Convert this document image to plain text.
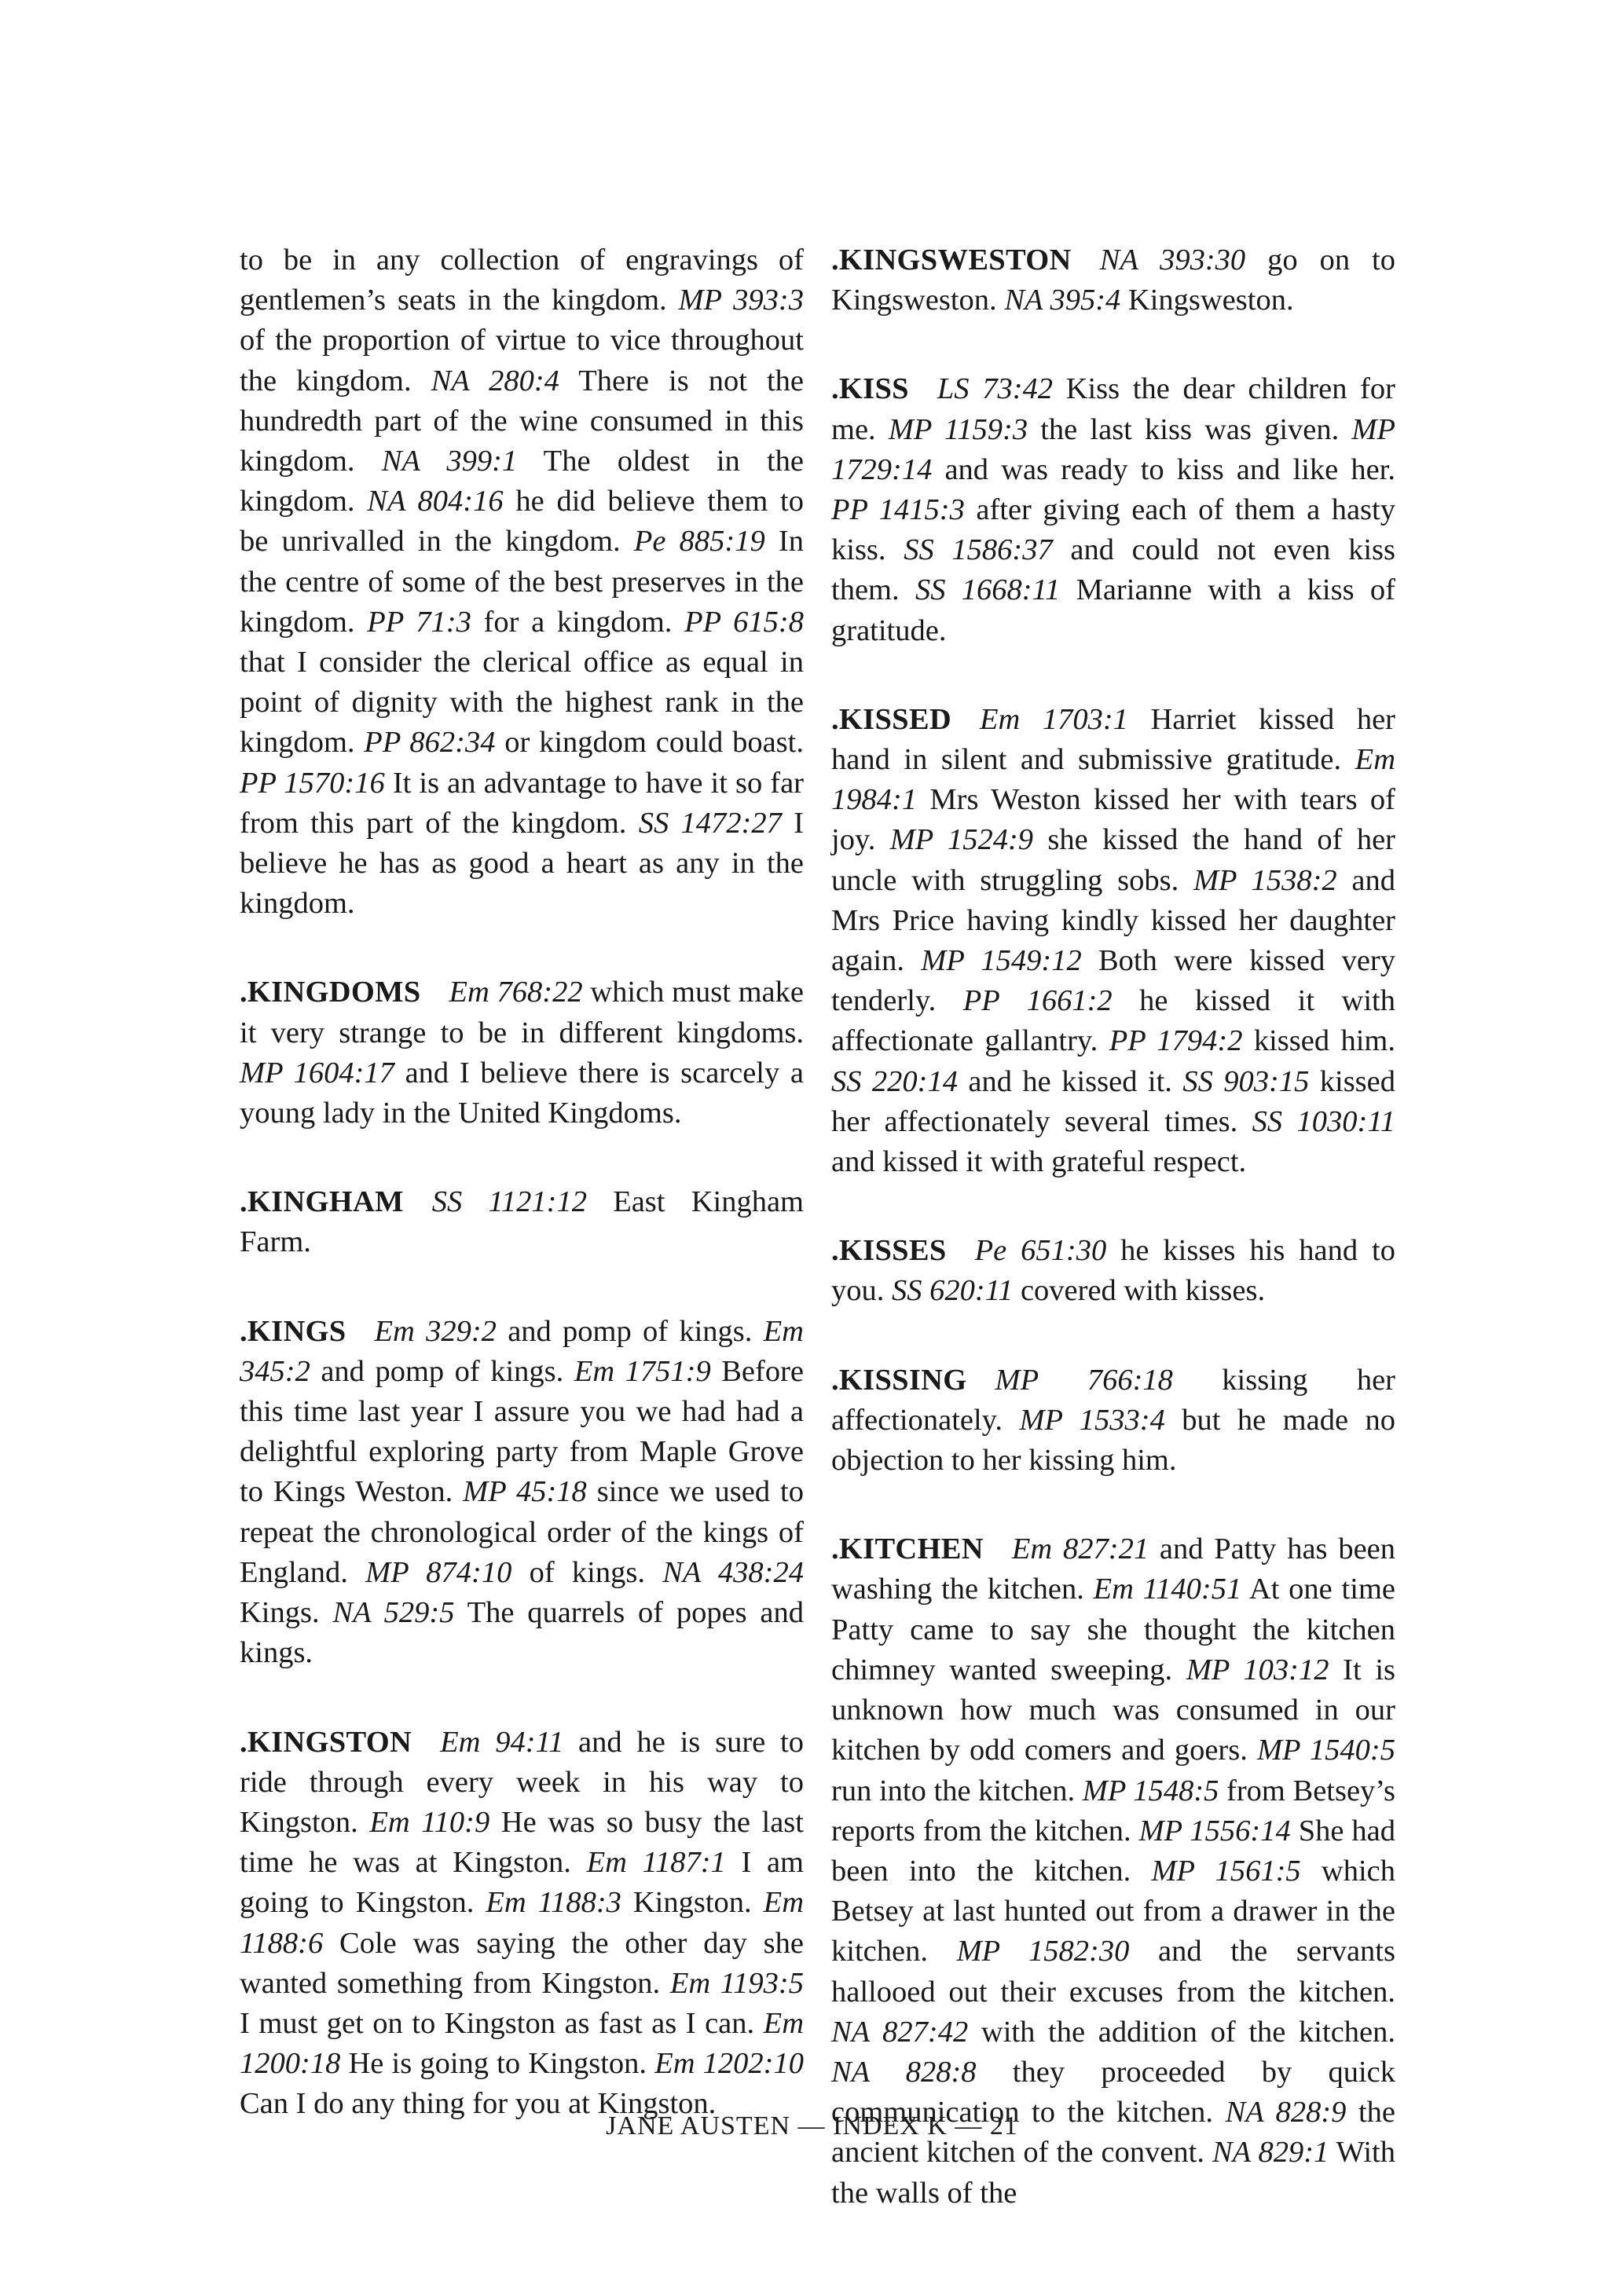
to be in any collection of engravings of gentlemen’s seats in the kingdom. MP 393:3 of the proportion of virtue to vice throughout the kingdom. NA 280:4 There is not the hundredth part of the wine consumed in this kingdom. NA 399:1 The oldest in the kingdom. NA 804:16 he did believe them to be unrivalled in the kingdom. Pe 885:19 In the centre of some of the best preserves in the kingdom. PP 71:3 for a kingdom. PP 615:8 that I consider the clerical office as equal in point of dignity with the highest rank in the kingdom. PP 862:34 or kingdom could boast. PP 1570:16 It is an advantage to have it so far from this part of the kingdom. SS 1472:27 I believe he has as good a heart as any in the kingdom.

.KINGDOMS Em 768:22 which must make it very strange to be in different kingdoms. MP 1604:17 and I believe there is scarcely a young lady in the United Kingdoms.

.KINGHAM SS 1121:12 East Kingham Farm.

.KINGS Em 329:2 and pomp of kings. Em 345:2 and pomp of kings. Em 1751:9 Before this time last year I assure you we had had a delightful exploring party from Maple Grove to Kings Weston. MP 45:18 since we used to repeat the chronological order of the kings of England. MP 874:10 of kings. NA 438:24 Kings. NA 529:5 The quarrels of popes and kings.

.KINGSTON Em 94:11 and he is sure to ride through every week in his way to Kingston. Em 110:9 He was so busy the last time he was at Kingston. Em 1187:1 I am going to Kingston. Em 1188:3 Kingston. Em 1188:6 Cole was saying the other day she wanted something from Kingston. Em 1193:5 I must get on to Kingston as fast as I can. Em 1200:18 He is going to Kingston. Em 1202:10 Can I do any thing for you at Kingston.

.KINGSWESTON NA 393:30 go on to Kingsweston. NA 395:4 Kingsweston.

.KISS LS 73:42 Kiss the dear children for me. MP 1159:3 the last kiss was given. MP 1729:14 and was ready to kiss and like her. PP 1415:3 after giving each of them a hasty kiss. SS 1586:37 and could not even kiss them. SS 1668:11 Marianne with a kiss of gratitude.

.KISSED Em 1703:1 Harriet kissed her hand in silent and submissive gratitude. Em 1984:1 Mrs Weston kissed her with tears of joy. MP 1524:9 she kissed the hand of her uncle with struggling sobs. MP 1538:2 and Mrs Price having kindly kissed her daughter again. MP 1549:12 Both were kissed very tenderly. PP 1661:2 he kissed it with affectionate gallantry. PP 1794:2 kissed him. SS 220:14 and he kissed it. SS 903:15 kissed her affectionately several times. SS 1030:11 and kissed it with grateful respect.

.KISSES Pe 651:30 he kisses his hand to you. SS 620:11 covered with kisses.

.KISSING MP 766:18 kissing her affectionately. MP 1533:4 but he made no objection to her kissing him.

.KITCHEN Em 827:21 and Patty has been washing the kitchen. Em 1140:51 At one time Patty came to say she thought the kitchen chimney wanted sweeping. MP 103:12 It is unknown how much was consumed in our kitchen by odd comers and goers. MP 1540:5 run into the kitchen. MP 1548:5 from Betsey’s reports from the kitchen. MP 1556:14 She had been into the kitchen. MP 1561:5 which Betsey at last hunted out from a drawer in the kitchen. MP 1582:30 and the servants hallooed out their excuses from the kitchen. NA 827:42 with the addition of the kitchen. NA 828:8 they proceeded by quick communication to the kitchen. NA 828:9 the ancient kitchen of the convent. NA 829:1 With the walls of the

JANE AUSTEN — INDEX K — 21
